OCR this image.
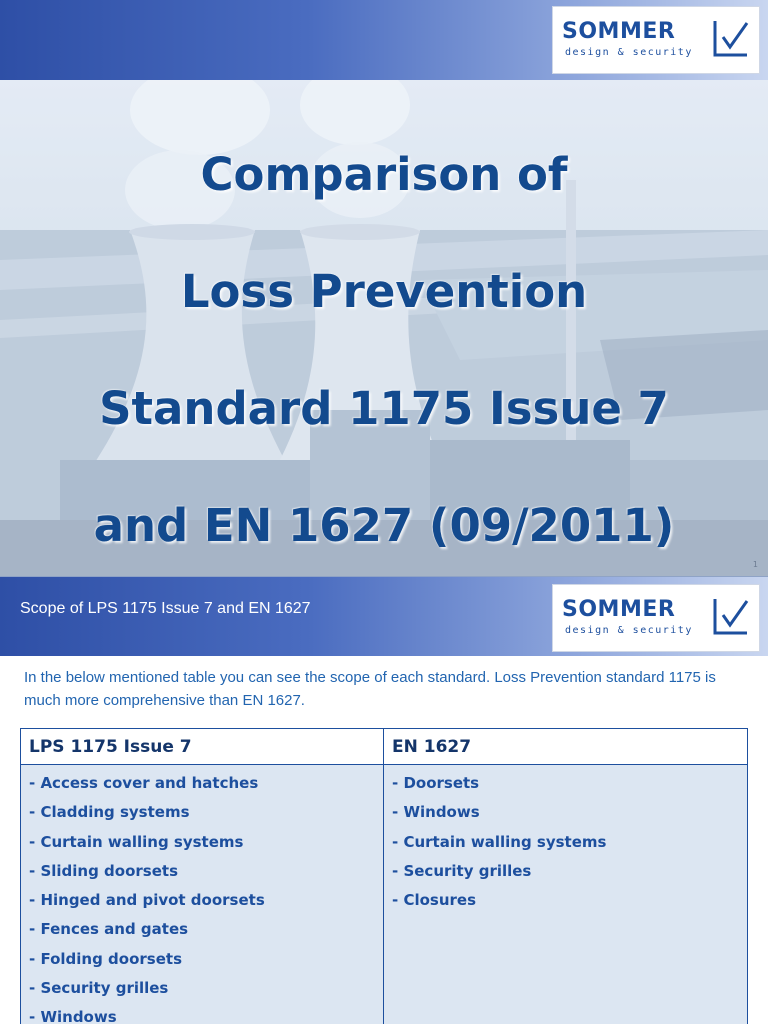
SOMMER
design & security
Comparison of
Loss Prevention
Standard 1175 Issue 7
and EN 1627 (09/2011)
1
Scope of LPS 1175 Issue 7 and EN 1627	SOMMER
design & security
In the below mentioned table you can see the scope of each standard. Loss Prevention standard 1175 is much more comprehensive than EN 1627.
LPS 1175 Issue 7	EN 1627
- Access cover and hatches
- Cladding systems
- Curtain walling systems
- Sliding doorsets
- Hinged and pivot doorsets
- Fences and gates
- Folding doorsets
- Security grilles
- Windows
- Doorsets
- Windows
- Curtain walling systems
- Security grilles
- Closures
